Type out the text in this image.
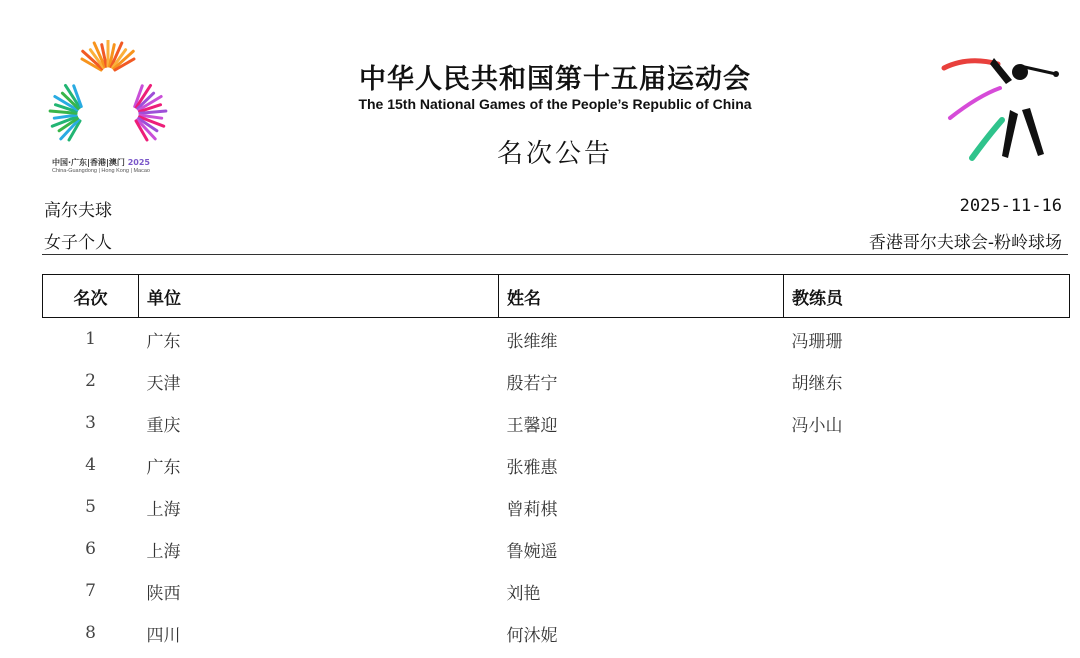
中国·广东|香港|澳门 2025
China-Guangdong | Hong Kong | Macao
中华人民共和国第十五届运动会
The 15th National Games of the People’s Republic of China
名次公告
高尔夫球
女子个人
2025-11-16
香港哥尔夫球会-粉岭球场
名次	单位	姓名	教练员
1	广东	张维维	冯珊珊
2	天津	殷若宁	胡继东
3	重庆	王馨迎	冯小山
4	广东	张雅惠	
5	上海	曾莉棋	
6	上海	鲁婉遥	
7	陕西	刘艳	
8	四川	何沐妮	
